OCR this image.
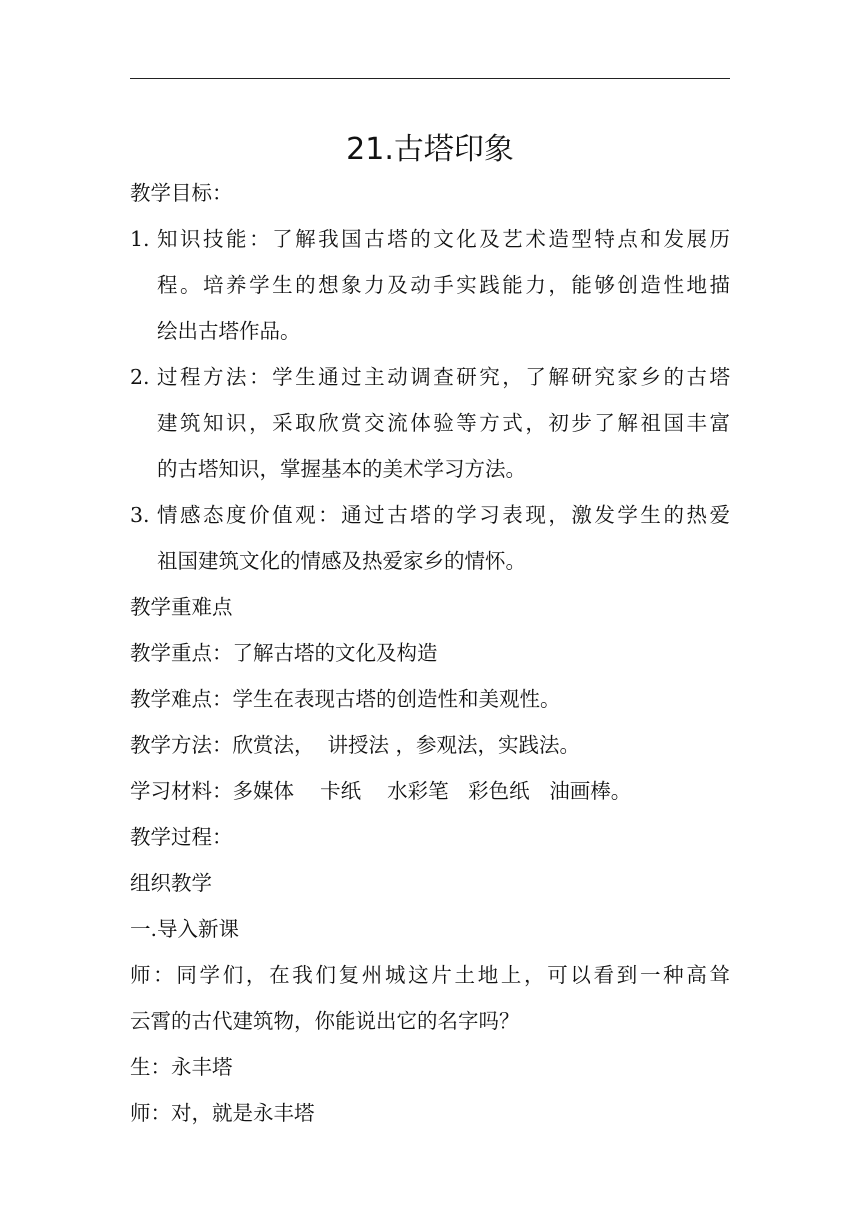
21.古塔印象
教学目标：
1. 知识技能：了解我国古塔的文化及艺术造型特点和发展历
程。培养学生的想象力及动手实践能力，能够创造性地描
绘出古塔作品。
2. 过程方法：学生通过主动调查研究，了解研究家乡的古塔
建筑知识，采取欣赏交流体验等方式，初步了解祖国丰富
的古塔知识，掌握基本的美术学习方法。
3. 情感态度价值观：通过古塔的学习表现，激发学生的热爱
祖国建筑文化的情感及热爱家乡的情怀。
教学重难点
教学重点：了解古塔的文化及构造
教学难点：学生在表现古塔的创造性和美观性。
教学方法：欣赏法，  讲授法 ，参观法，实践法。
学习材料：多媒体    卡纸    水彩笔   彩色纸   油画棒。
教学过程：
组织教学
一.导入新课
师：同学们，在我们复州城这片土地上，可以看到一种高耸
云霄的古代建筑物，你能说出它的名字吗？
生：永丰塔
师：对，就是永丰塔
